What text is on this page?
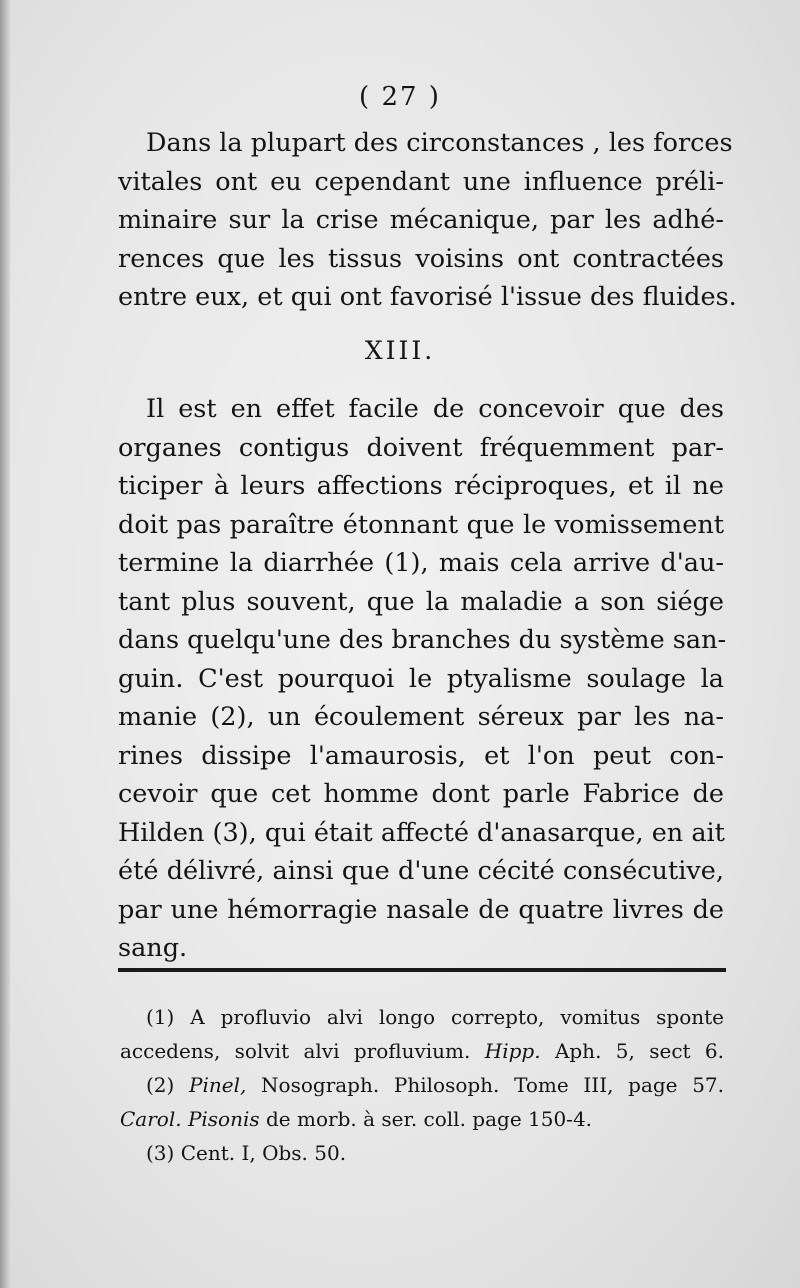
( 27 )
Dans la plupart des circonstances , les forces
vitales ont eu cependant une influence préli-
minaire sur la crise mécanique, par les adhé-
rences que les tissus voisins ont contractées
entre eux, et qui ont favorisé l'issue des fluides.
XIII.
Il est en effet facile de concevoir que des
organes contigus doivent fréquemment par-
ticiper à leurs affections réciproques, et il ne
doit pas paraître étonnant que le vomissement
termine la diarrhée (1), mais cela arrive d'au-
tant plus souvent, que la maladie a son siége
dans quelqu'une des branches du système san-
guin. C'est pourquoi le ptyalisme soulage la
manie (2), un écoulement séreux par les na-
rines dissipe l'amaurosis, et l'on peut con-
cevoir que cet homme dont parle Fabrice de
Hilden (3), qui était affecté d'anasarque, en ait
été délivré, ainsi que d'une cécité consécutive,
par une hémorragie nasale de quatre livres de
sang.
(1) A profluvio alvi longo correpto, vomitus sponte
accedens, solvit alvi profluvium. Hipp. Aph. 5, sect 6.
(2) Pinel, Nosograph. Philosoph. Tome III, page 57.
Carol. Pisonis de morb. à ser. coll. page 150-4.
(3) Cent. I, Obs. 50.
